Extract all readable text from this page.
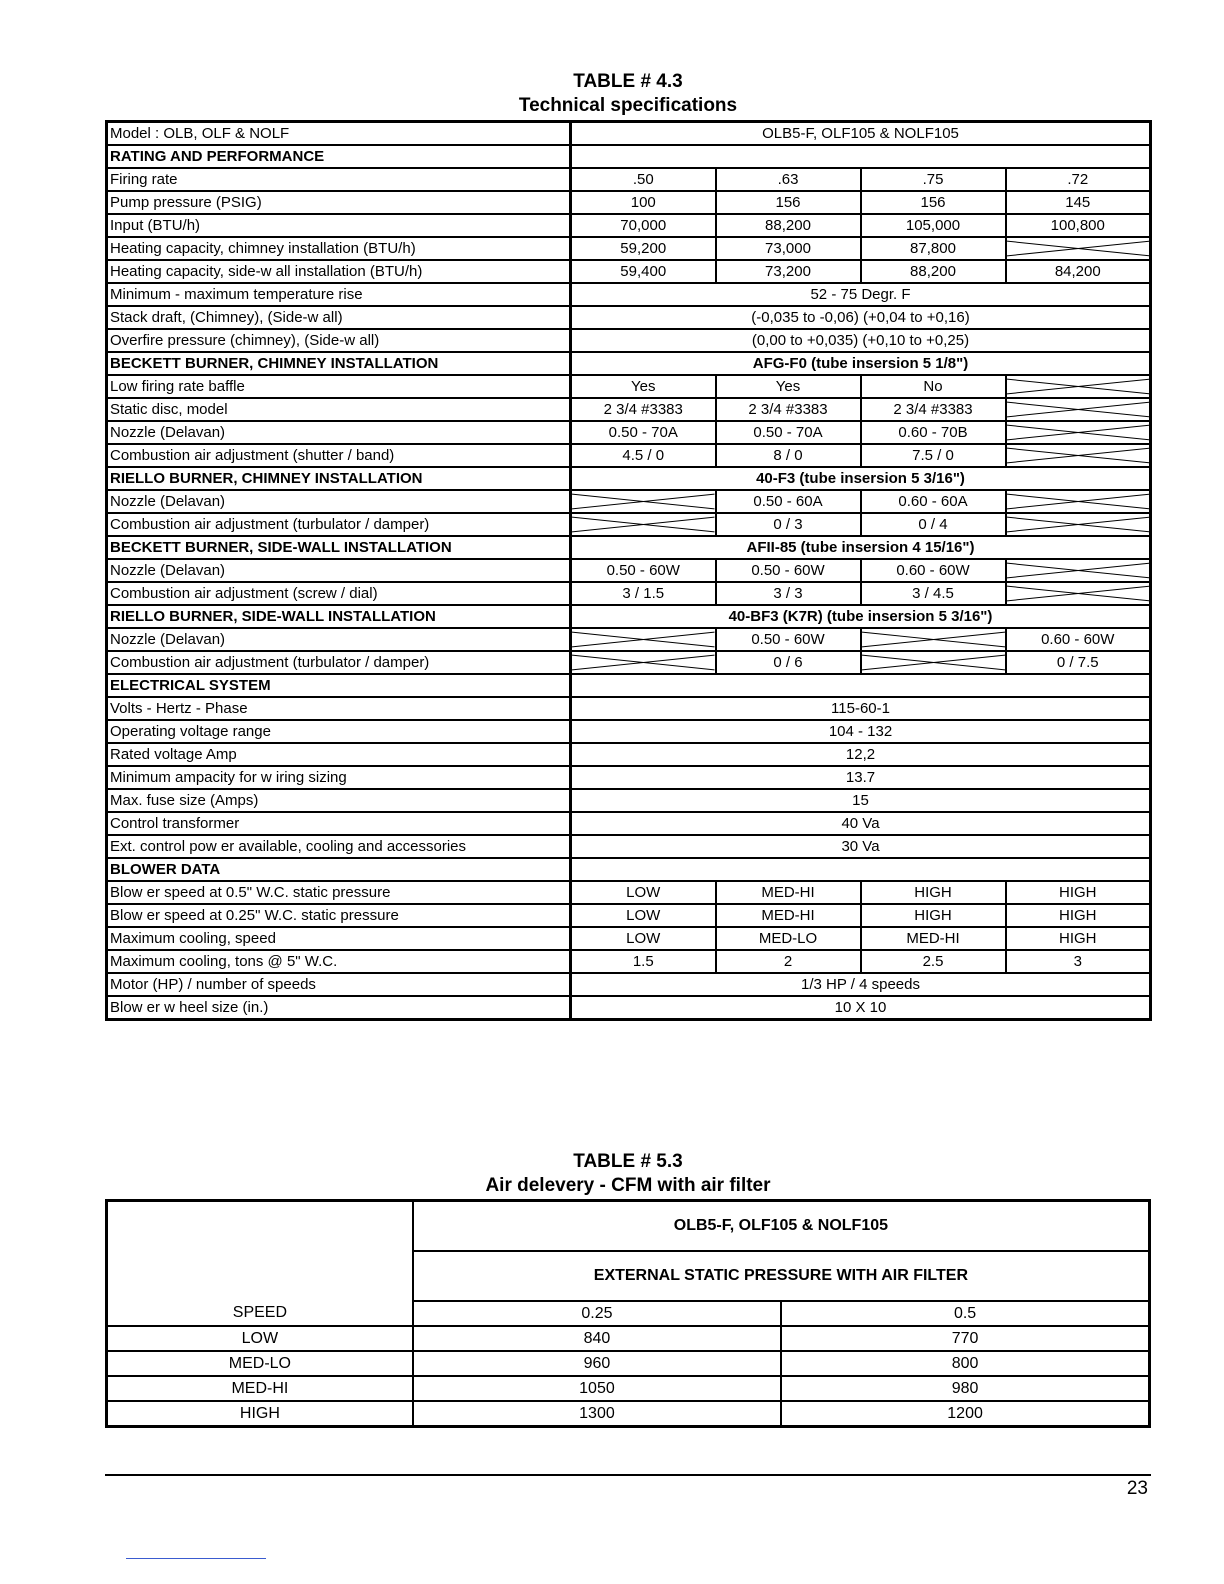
TABLE # 4.3
Technical specifications
Model : OLB, OLF & NOLF	OLB5-F, OLF105 & NOLF105			
RATING AND PERFORMANCE				
Firing rate	.50	.63	.75	.72
Pump pressure (PSIG)	100	156	156	145
Input (BTU/h)	70,000	88,200	105,000	100,800
Heating capacity, chimney installation (BTU/h)	59,200	73,000	87,800	

Heating capacity, side-w all installation (BTU/h)	59,400	73,200	88,200	84,200
Minimum - maximum temperature rise	52 - 75 Degr. F			
Stack draft, (Chimney), (Side-w all)	(-0,035 to -0,06) (+0,04 to +0,16)			
Overfire pressure (chimney), (Side-w all)	(0,00 to +0,035) (+0,10 to +0,25)			
BECKETT BURNER, CHIMNEY INSTALLATION	AFG-F0 (tube insersion 5 1/8")			
Low firing rate baffle	Yes	Yes	No	

Static disc, model	2 3/4 #3383	2 3/4 #3383	2 3/4 #3383	

Nozzle (Delavan)	0.50 - 70A	0.50 - 70A	0.60 - 70B	

Combustion air adjustment (shutter / band)	4.5 / 0	8 / 0	7.5 / 0	

RIELLO BURNER, CHIMNEY INSTALLATION	40-F3 (tube insersion 5 3/16")			
Nozzle (Delavan)		0.50 - 60A	0.60 - 60A	

Combustion air adjustment (turbulator / damper)		0 / 3	0 / 4	

BECKETT BURNER, SIDE-WALL INSTALLATION	AFII-85 (tube insersion 4 15/16")			
Nozzle (Delavan)	0.50 - 60W	0.50 - 60W	0.60 - 60W	

Combustion air adjustment (screw / dial)	3 / 1.5	3 / 3	3 / 4.5	

RIELLO BURNER, SIDE-WALL INSTALLATION	40-BF3 (K7R) (tube insersion 5 3/16")			
Nozzle (Delavan)		0.50 - 60W		0.60 - 60W
Combustion air adjustment (turbulator / damper)		0 / 6		0 / 7.5
ELECTRICAL SYSTEM				
Volts - Hertz - Phase	115-60-1			
Operating voltage range	104 - 132			
Rated voltage Amp	12,2			
Minimum ampacity for w iring sizing	13.7			
Max. fuse size (Amps)	15			
Control transformer	40 Va			
Ext. control pow er available, cooling and accessories	30 Va			
BLOWER DATA				
Blow er speed at 0.5" W.C. static pressure	LOW	MED-HI	HIGH	HIGH
Blow er speed at 0.25" W.C. static pressure	LOW	MED-HI	HIGH	HIGH
Maximum cooling, speed	LOW	MED-LO	MED-HI	HIGH
Maximum cooling, tons @ 5" W.C.	1.5	2	2.5	3
Motor (HP) / number of speeds	1/3 HP / 4 speeds			
Blow er w heel size (in.)	10 X 10			
TABLE # 5.3
Air delevery - CFM with air filter
	OLB5-F, OLF105 & NOLF105	
	EXTERNAL STATIC PRESSURE WITH AIR FILTER	
SPEED	0.25	0.5
LOW	840	770
MED-LO	960	800
MED-HI	1050	980
HIGH	1300	1200
23
